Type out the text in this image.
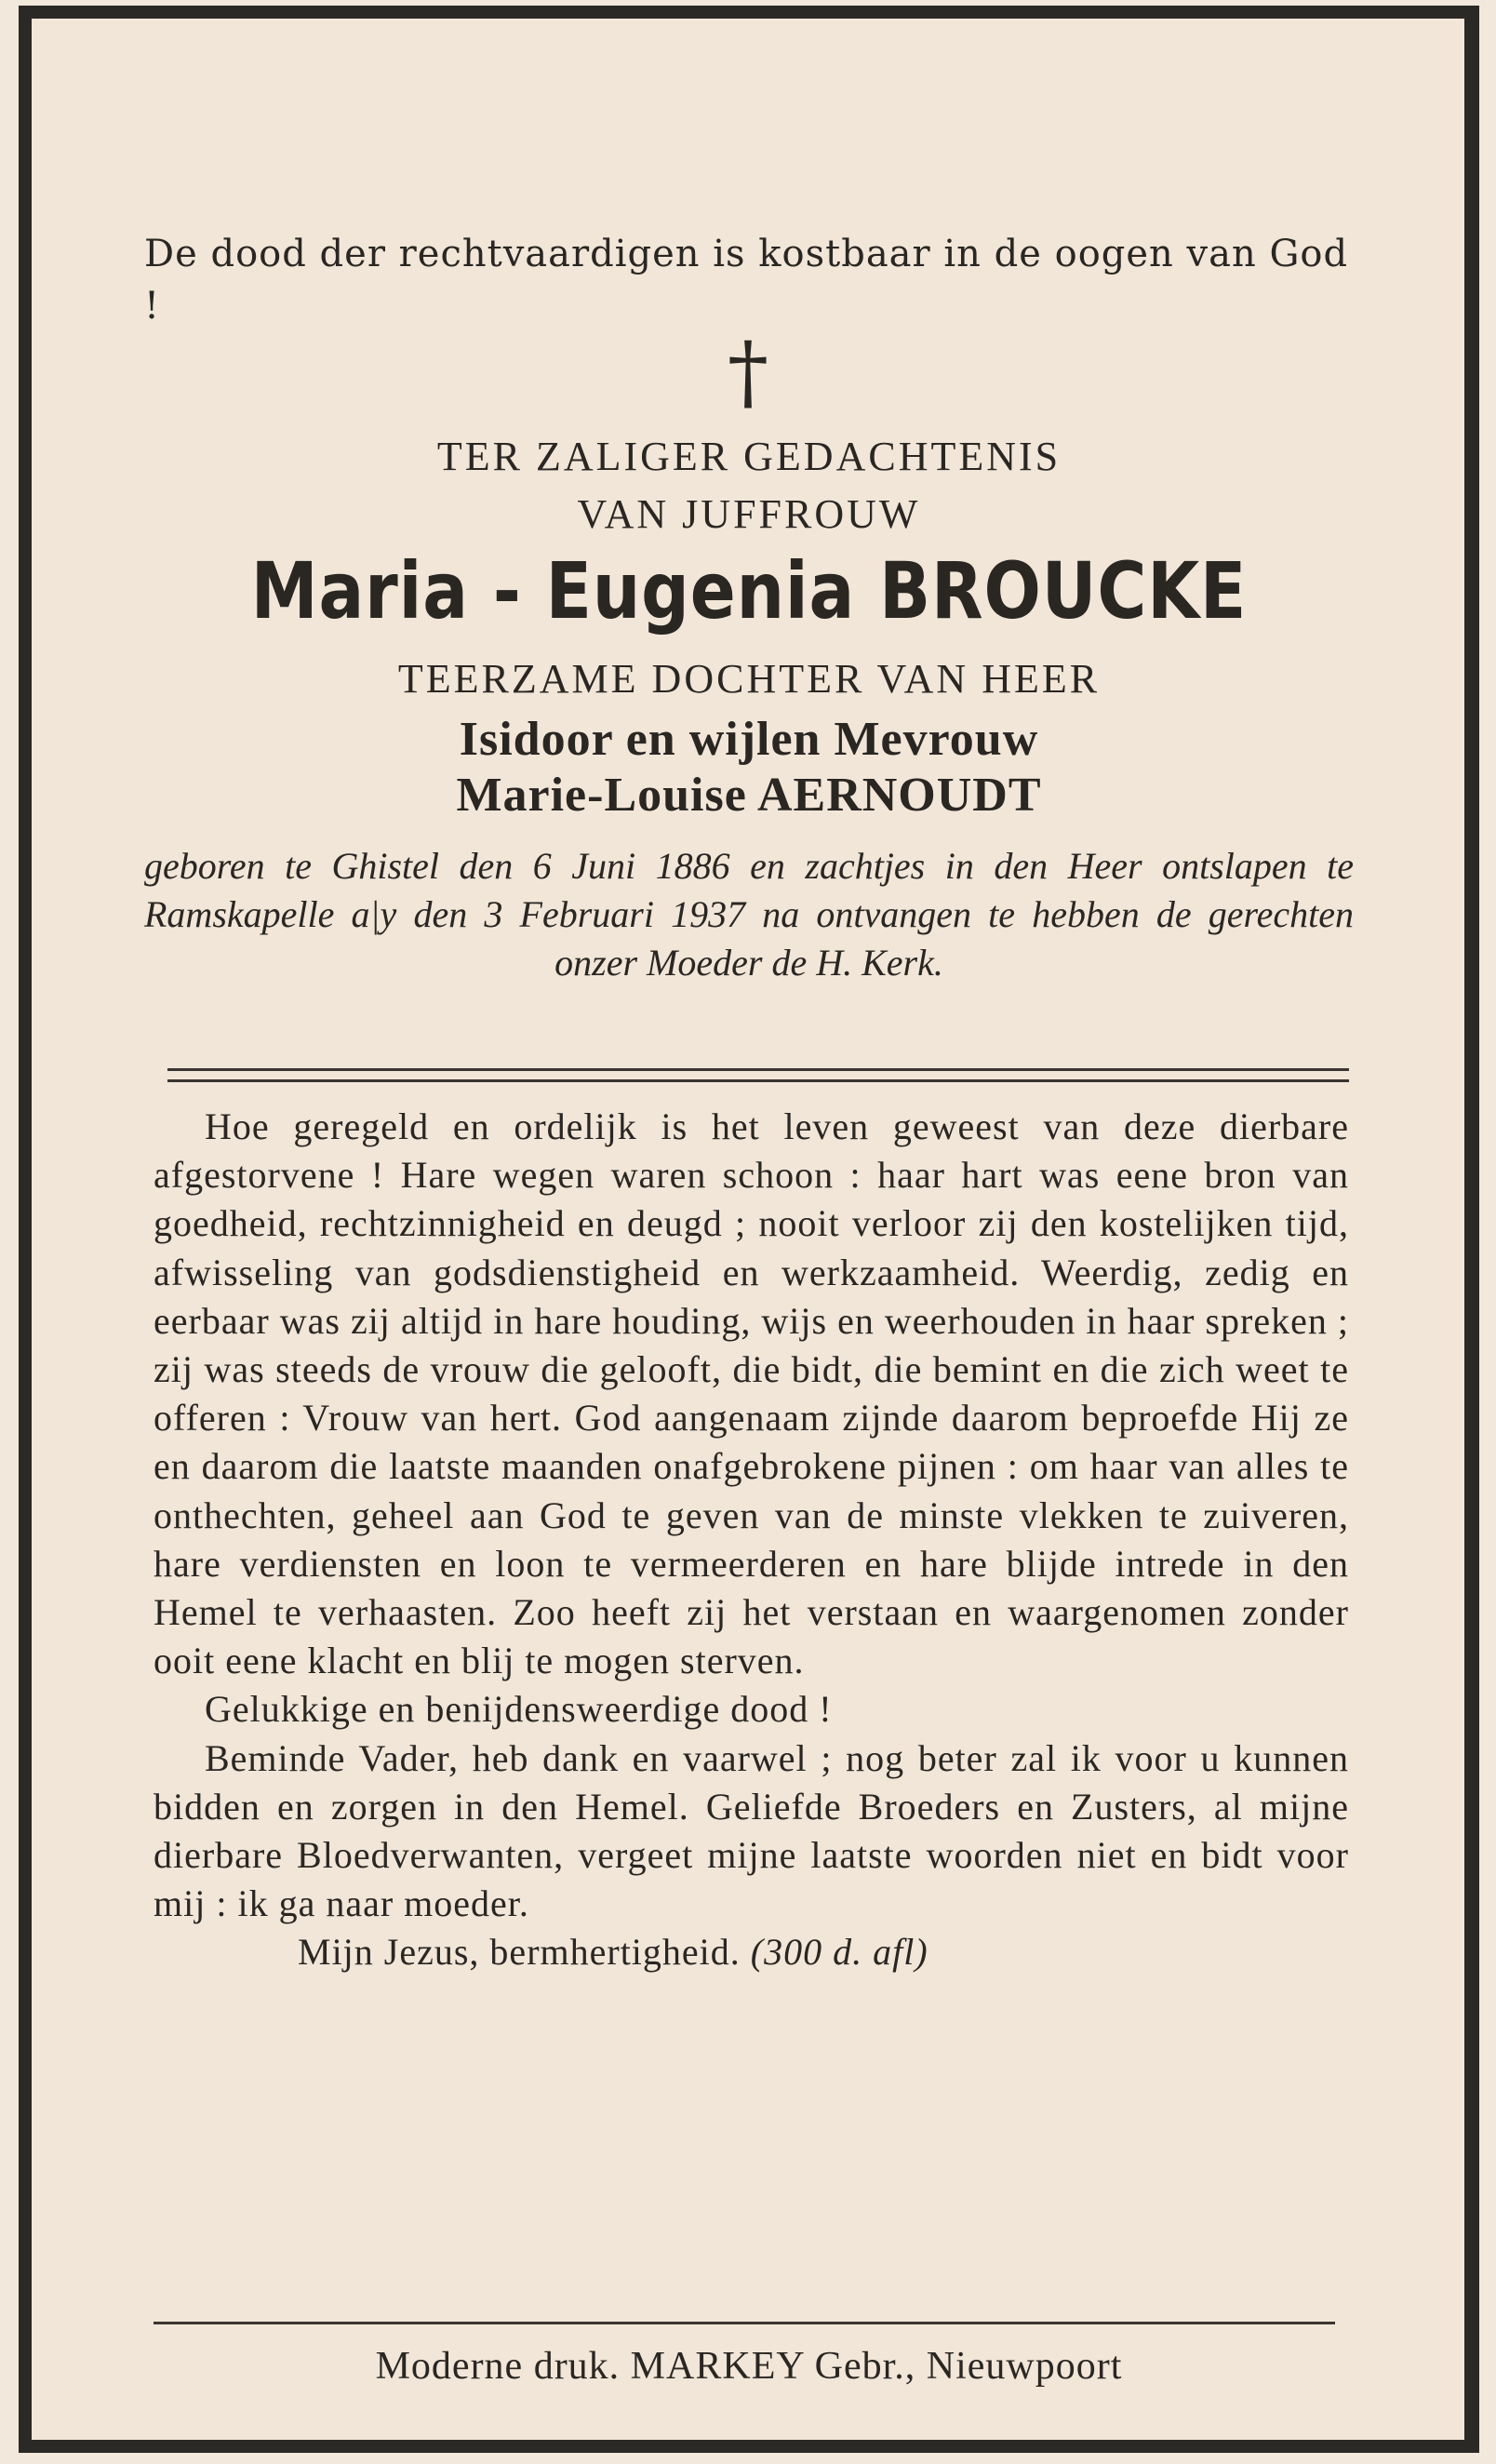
De dood der rechtvaardigen is kostbaar in de oogen van God !
†
TER ZALIGER GEDACHTENIS
VAN JUFFROUW
Maria - Eugenia BROUCKE
TEERZAME DOCHTER VAN HEER
Isidoor en wijlen Mevrouw
Marie-Louise AERNOUDT
geboren te Ghistel den 6 Juni 1886 en zachtjes in den Heer ontslapen te Ramskapelle a|y den 3 Februari 1937 na ontvangen te hebben de gerechten onzer Moeder de H. Kerk.

Hoe geregeld en ordelijk is het leven geweest van deze dierbare afgestorvene ! Hare wegen waren schoon : haar hart was eene bron van goedheid, rechtzinnigheid en deugd ; nooit verloor zij den kostelijken tijd, afwisseling van godsdienstigheid en werkzaamheid. Weerdig, zedig en eerbaar was zij altijd in hare houding, wijs en weerhouden in haar spreken ; zij was steeds de vrouw die gelooft, die bidt, die bemint en die zich weet te offeren : Vrouw van hert. God aangenaam zijnde daarom beproefde Hij ze en daarom die laatste maanden onafgebrokene pijnen : om haar van alles te onthechten, geheel aan God te geven van de minste vlekken te zuiveren, hare verdiensten en loon te vermeerderen en hare blijde intrede in den Hemel te verhaasten. Zoo heeft zij het verstaan en waargenomen zonder ooit eene klacht en blij te mogen sterven.

Gelukkige en benijdensweerdige dood !

Beminde Vader, heb dank en vaarwel ; nog beter zal ik voor u kunnen bidden en zorgen in den Hemel. Geliefde Broeders en Zusters, al mijne dierbare Bloedverwanten, vergeet mijne laatste woorden niet en bidt voor mij : ik ga naar moeder.

Mijn Jezus, bermhertigheid. (300 d. afl)

Moderne druk. MARKEY Gebr., Nieuwpoort
